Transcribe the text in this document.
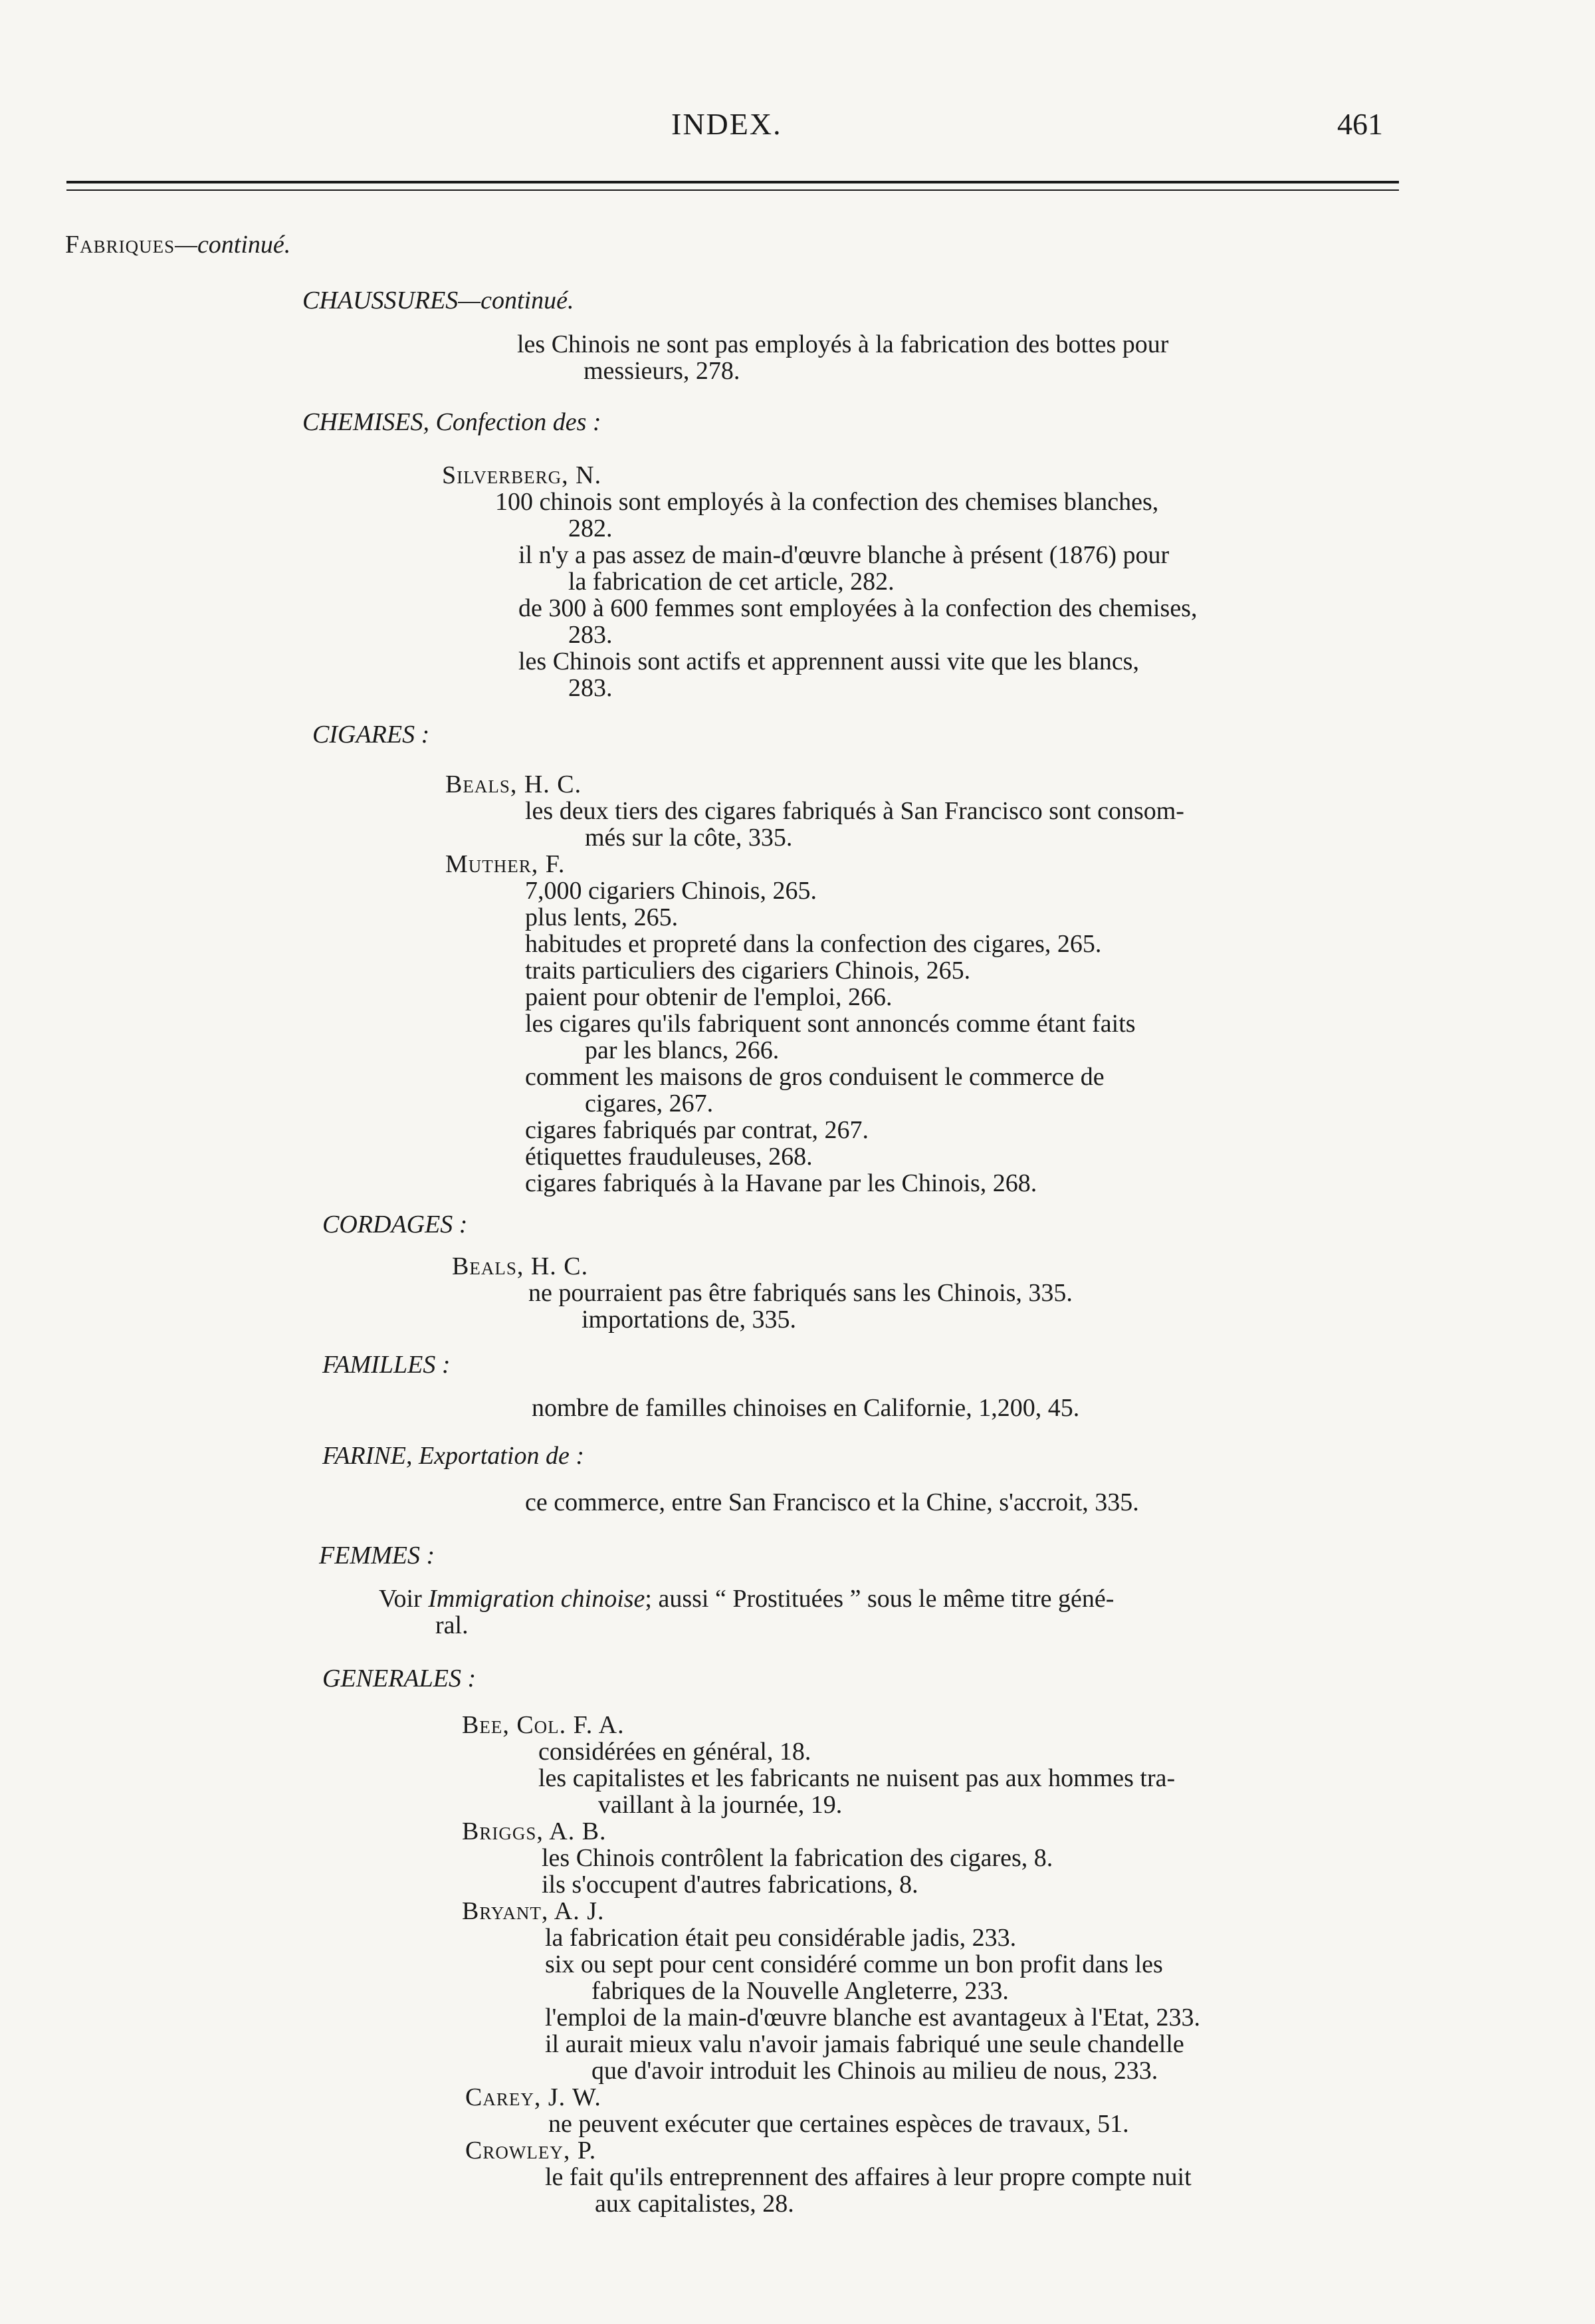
INDEX.	461
Fabriques—continué.
CHAUSSURES—continué.
les Chinois ne sont pas employés à la fabrication des bottes pour
messieurs, 278.
CHEMISES, Confection des :
Silverberg, N.
100 chinois sont employés à la confection des chemises blanches,
282.
il n'y a pas assez de main-d'œuvre blanche à présent (1876) pour
la fabrication de cet article, 282.
de 300 à 600 femmes sont employées à la confection des chemises,
283.
les Chinois sont actifs et apprennent aussi vite que les blancs,
283.
CIGARES :
Beals, H. C.
les deux tiers des cigares fabriqués à San Francisco sont consom-
més sur la côte, 335.
Muther, F.
7,000 cigariers Chinois, 265.
plus lents, 265.
habitudes et propreté dans la confection des cigares, 265.
traits particuliers des cigariers Chinois, 265.
paient pour obtenir de l'emploi, 266.
les cigares qu'ils fabriquent sont annoncés comme étant faits
par les blancs, 266.
comment les maisons de gros conduisent le commerce de
cigares, 267.
cigares fabriqués par contrat, 267.
étiquettes frauduleuses, 268.
cigares fabriqués à la Havane par les Chinois, 268.
CORDAGES :
Beals, H. C.
ne pourraient pas être fabriqués sans les Chinois, 335.
importations de, 335.
FAMILLES :
nombre de familles chinoises en Californie, 1,200, 45.
FARINE, Exportation de :
ce commerce, entre San Francisco et la Chine, s'accroit, 335.
FEMMES :
Voir Immigration chinoise; aussi “ Prostituées ” sous le même titre géné-
ral.
GENERALES :
Bee, Col. F. A.
considérées en général, 18.
les capitalistes et les fabricants ne nuisent pas aux hommes tra-
vaillant à la journée, 19.
Briggs, A. B.
les Chinois contrôlent la fabrication des cigares, 8.
ils s'occupent d'autres fabrications, 8.
Bryant, A. J.
la fabrication était peu considérable jadis, 233.
six ou sept pour cent considéré comme un bon profit dans les
fabriques de la Nouvelle Angleterre, 233.
l'emploi de la main-d'œuvre blanche est avantageux à l'Etat, 233.
il aurait mieux valu n'avoir jamais fabriqué une seule chandelle
que d'avoir introduit les Chinois au milieu de nous, 233.
Carey, J. W.
ne peuvent exécuter que certaines espèces de travaux, 51.
Crowley, P.
le fait qu'ils entreprennent des affaires à leur propre compte nuit
aux capitalistes, 28.
